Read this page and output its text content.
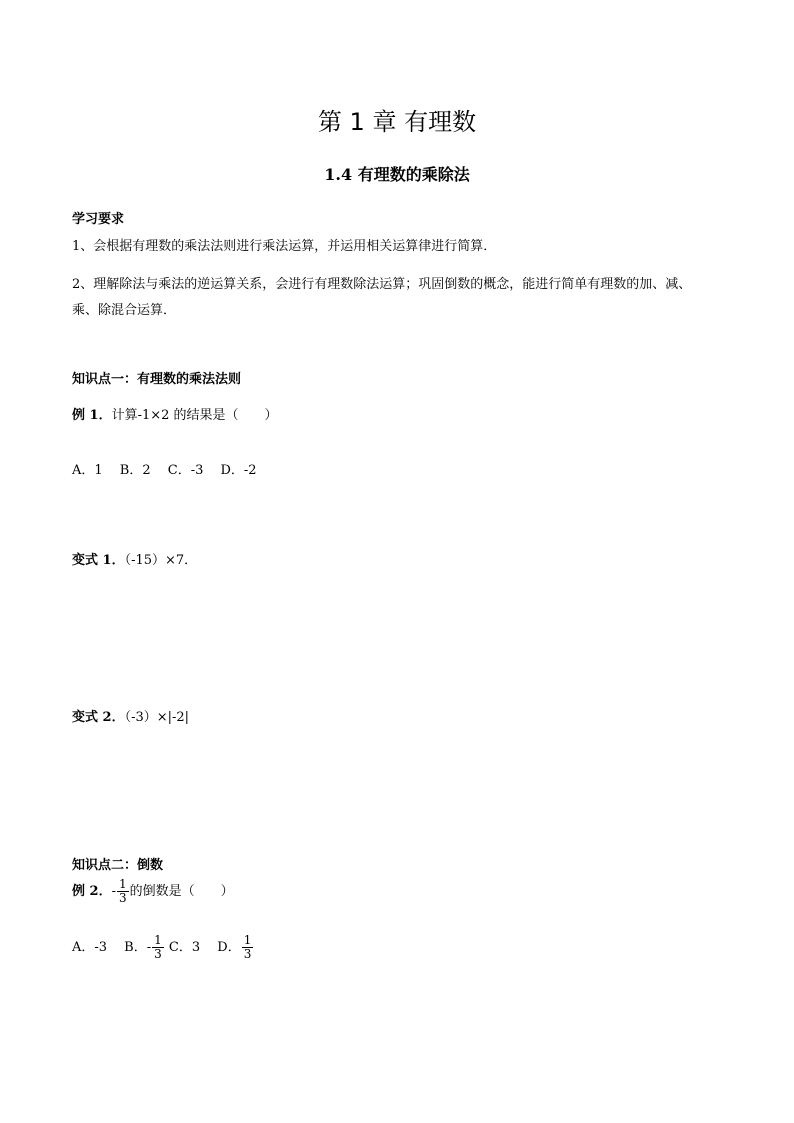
第 1 章 有理数
1.4 有理数的乘除法
学习要求
1、会根据有理数的乘法法则进行乘法运算，并运用相关运算律进行简算．
2、理解除法与乘法的逆运算关系，会进行有理数除法运算；巩固倒数的概念，能进行简单有理数的加、减、
乘、除混合运算．
知识点一：有理数的乘法法则
例 1．计算-1×2 的结果是（　　）
A．1　 B．2　 C．-3　 D．-2
变式 1．（-15）×7．
变式 2．（-3）×|-2|
知识点二：倒数
例 2．- $\frac{1}{3}$ 的倒数是（　　）
A．-3　 B．- $\frac{1}{3}$ C．3　 D． $\frac{1}{3}$
